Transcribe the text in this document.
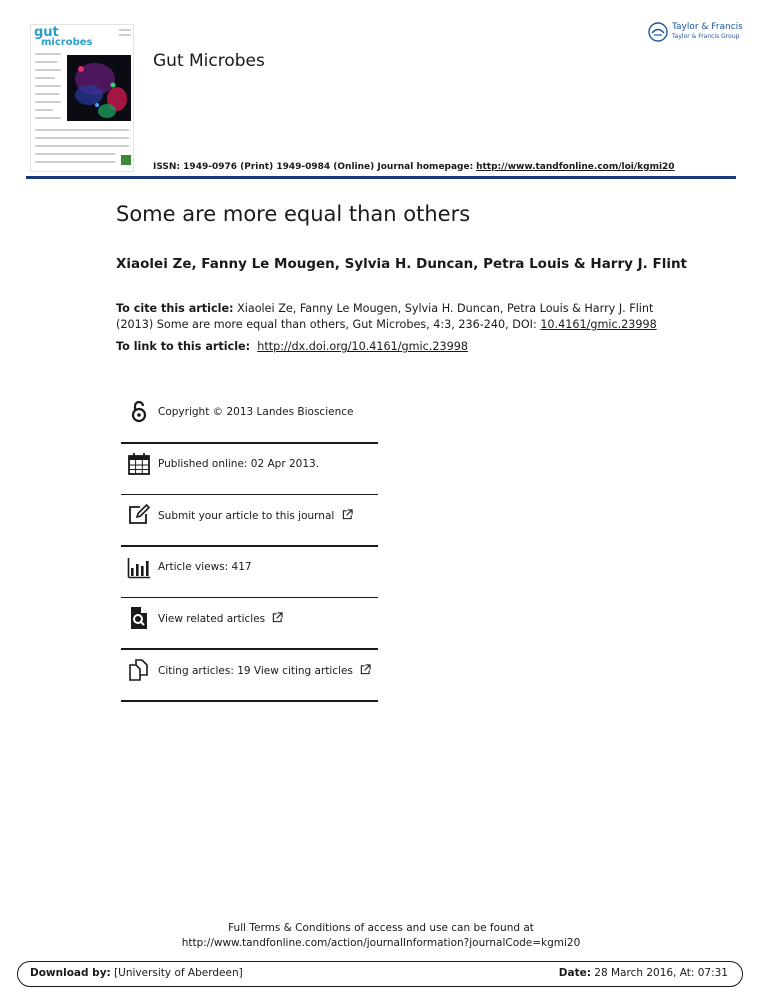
gut
microbes
Gut Microbes
ISSN: 1949-0976 (Print) 1949-0984 (Online) Journal homepage: http://www.tandfonline.com/loi/kgmi20
Taylor & Francis
Taylor & Francis Group
Some are more equal than others
Xiaolei Ze, Fanny Le Mougen, Sylvia H. Duncan, Petra Louis & Harry J. Flint
To cite this article: Xiaolei Ze, Fanny Le Mougen, Sylvia H. Duncan, Petra Louis & Harry J. Flint
(2013) Some are more equal than others, Gut Microbes, 4:3, 236-240, DOI: 10.4161/gmic.23998
To link to this article: http://dx.doi.org/10.4161/gmic.23998
Copyright © 2013 Landes Bioscience
Published online: 02 Apr 2013.
Submit your article to this journal
Article views: 417
View related articles
Citing articles: 19 View citing articles
Full Terms & Conditions of access and use can be found at
http://www.tandfonline.com/action/journalInformation?journalCode=kgmi20
Download by: [University of Aberdeen]	Date: 28 March 2016, At: 07:31
